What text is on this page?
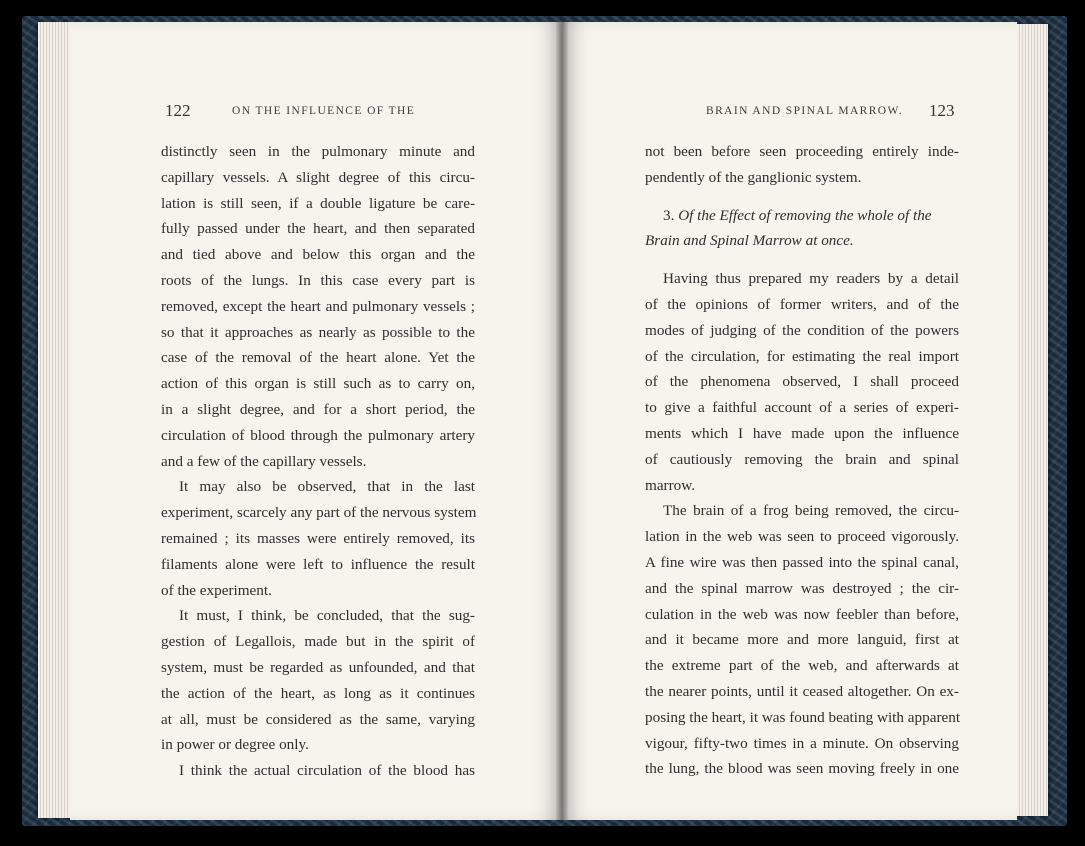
122	ON THE INFLUENCE OF THE	BRAIN AND SPINAL MARROW. 123
distinctly seen in the pulmonary minute and
capillary vessels. A slight degree of this circu-
lation is still seen, if a double ligature be care-
fully passed under the heart, and then separated
and tied above and below this organ and the
roots of the lungs. In this case every part is
removed, except the heart and pulmonary vessels ;
so that it approaches as nearly as possible to the
case of the removal of the heart alone. Yet the
action of this organ is still such as to carry on,
in a slight degree, and for a short period, the
circulation of blood through the pulmonary artery
and a few of the capillary vessels.
It may also be observed, that in the last
experiment, scarcely any part of the nervous system
remained ; its masses were entirely removed, its
filaments alone were left to influence the result
of the experiment.
It must, I think, be concluded, that the sug-
gestion of Legallois, made but in the spirit of
system, must be regarded as unfounded, and that
the action of the heart, as long as it continues
at all, must be considered as the same, varying
in power or degree only.
I think the actual circulation of the blood has
not been before seen proceeding entirely inde-
pendently of the ganglionic system.
3. Of the Effect of removing the whole of the
Brain and Spinal Marrow at once.
Having thus prepared my readers by a detail
of the opinions of former writers, and of the
modes of judging of the condition of the powers
of the circulation, for estimating the real import
of the phenomena observed, I shall proceed
to give a faithful account of a series of experi-
ments which I have made upon the influence
of cautiously removing the brain and spinal
marrow.
The brain of a frog being removed, the circu-
lation in the web was seen to proceed vigorously.
A fine wire was then passed into the spinal canal,
and the spinal marrow was destroyed ; the cir-
culation in the web was now feebler than before,
and it became more and more languid, first at
the extreme part of the web, and afterwards at
the nearer points, until it ceased altogether. On ex-
posing the heart, it was found beating with apparent
vigour, fifty-two times in a minute. On observing
the lung, the blood was seen moving freely in one
